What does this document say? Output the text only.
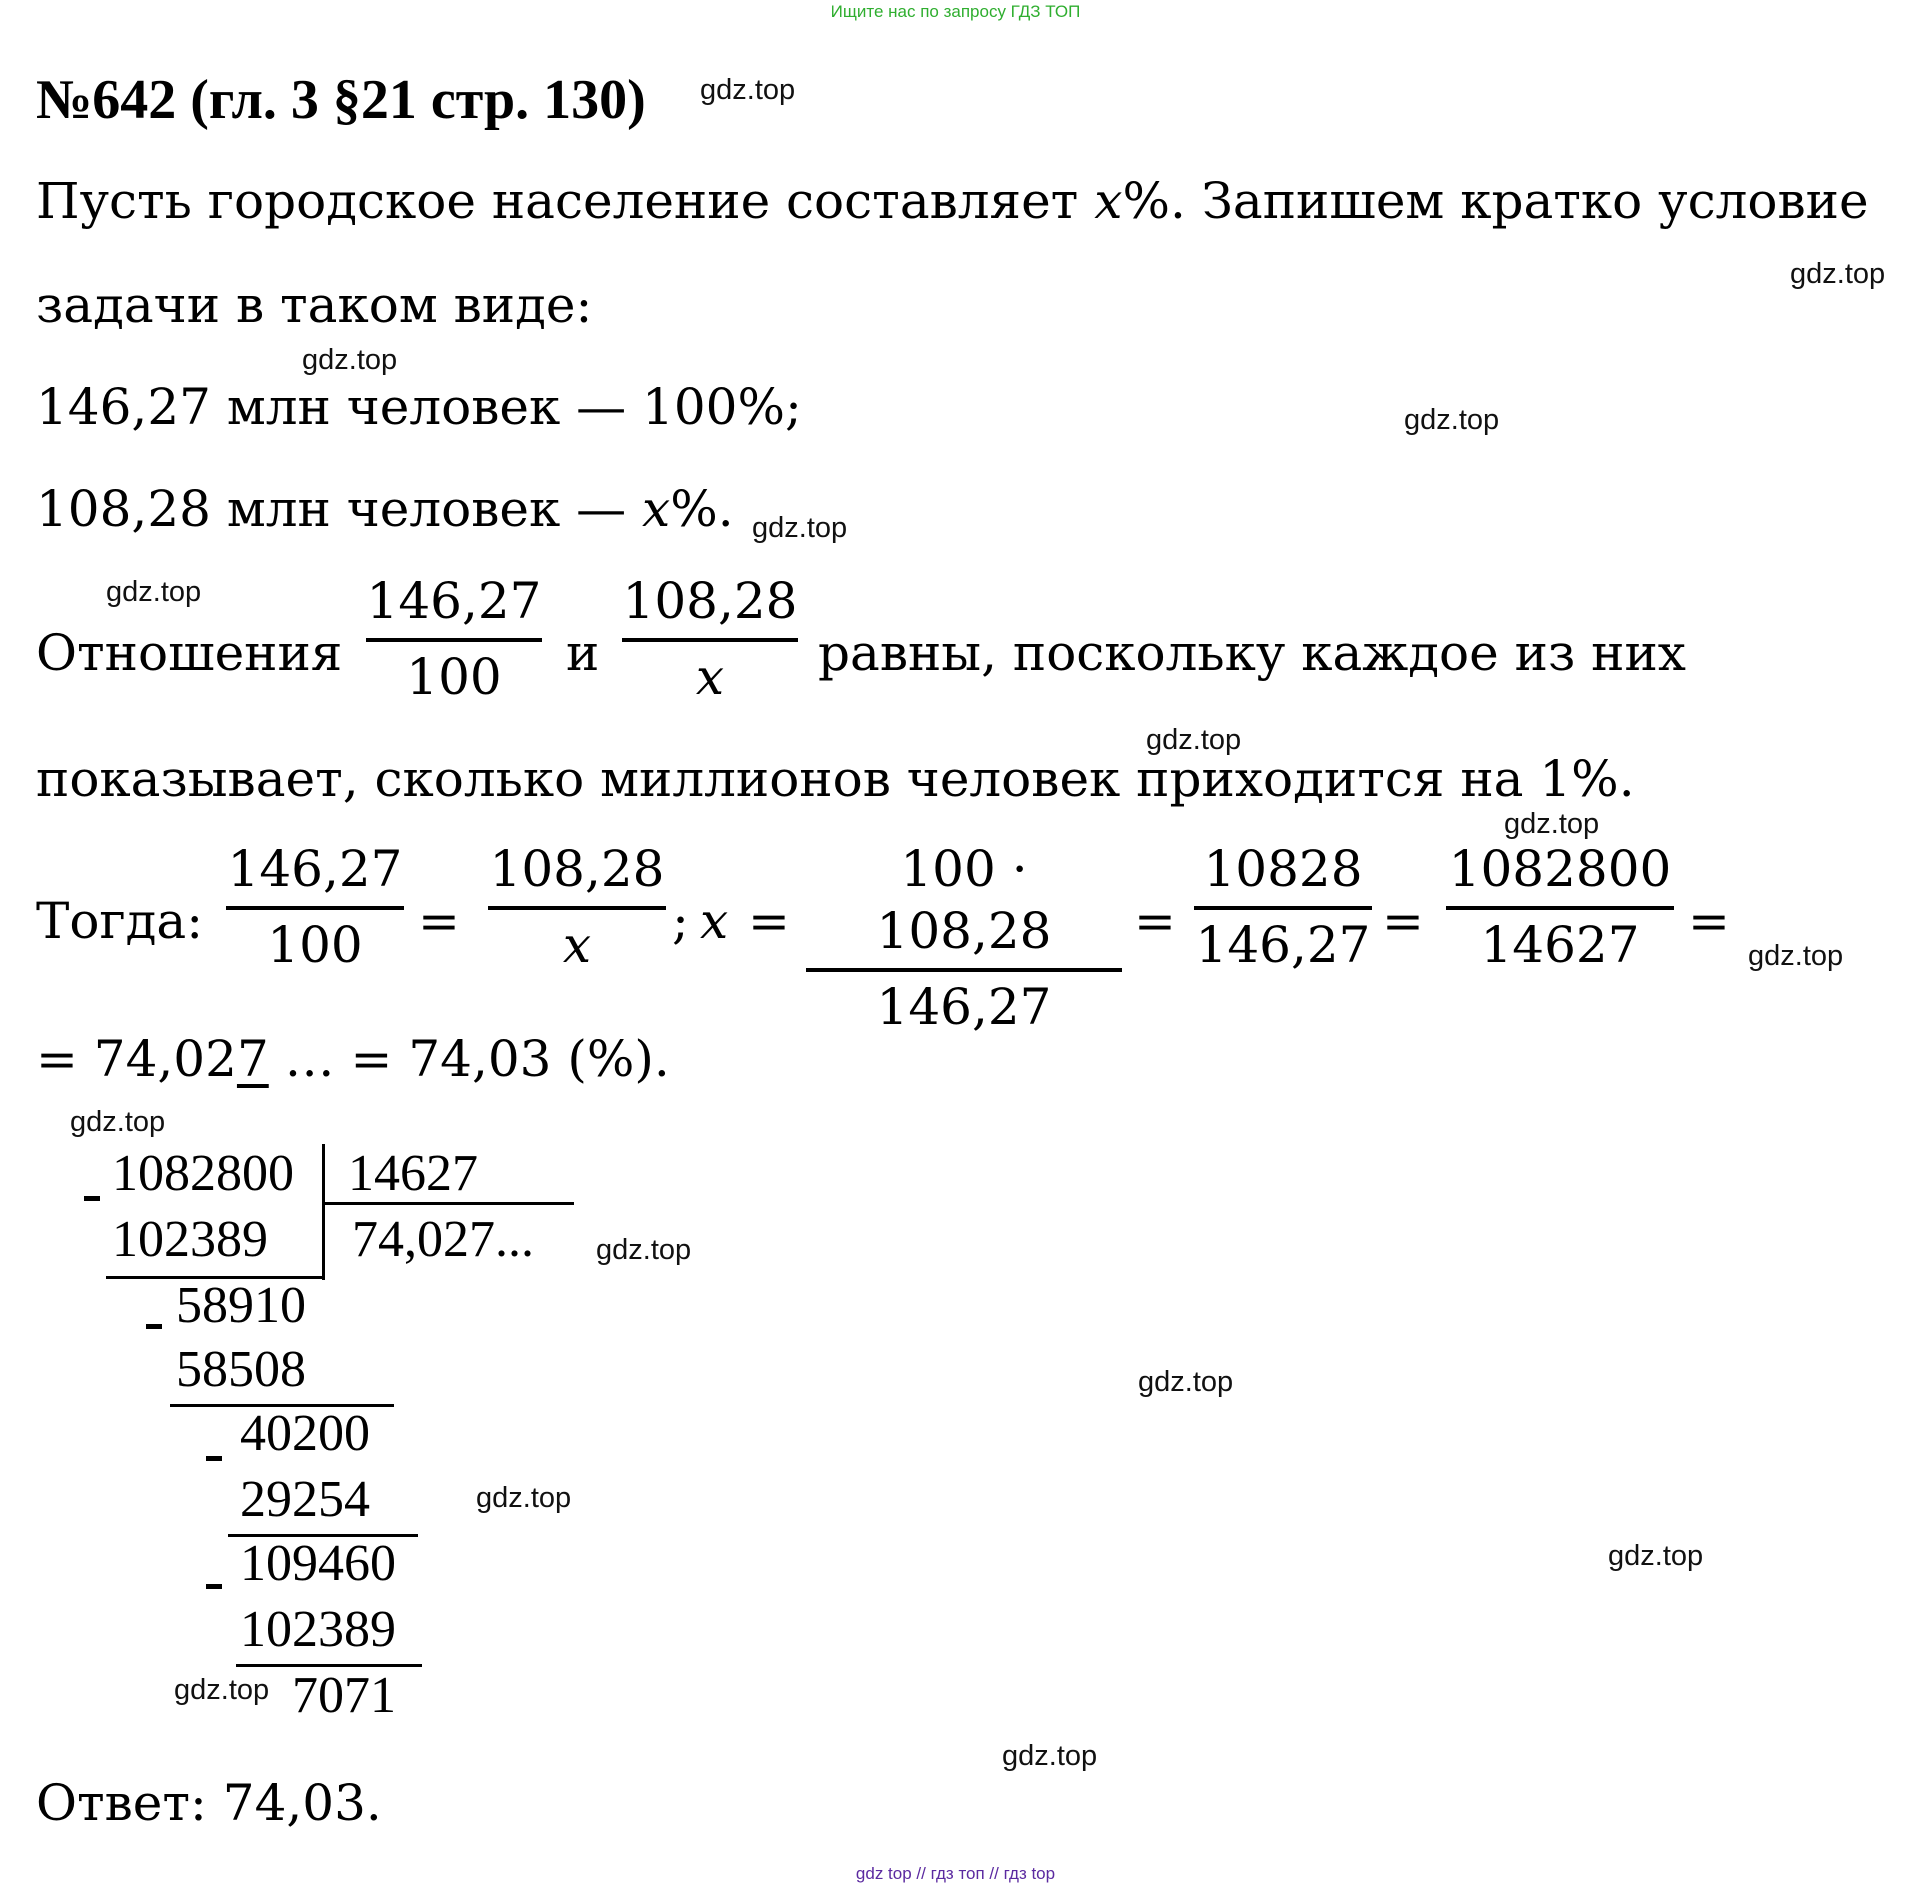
Ищите нас по запросу ГДЗ ТОП
№642 (гл. 3 §21 стр. 130) gdz.top
Пусть городское население составляет x%. Запишем кратко условие
gdz.top
задачи в таком виде:
gdz.top
146,27 млн человек — 100%;	gdz.top
108,28 млн человек — x%. gdz.top
gdz.top
Отношения
146,27
100	и
108,28
x	равны, поскольку каждое из них
gdz.top
показывает, сколько миллионов человек приходится на 1%.
gdz.top
Тогда:
146,27
100	=
108,28
x	; x =
100 · 108,28
146,27
=
10828
146,27 =
1082800
14627 =
gdz.top
= 74,027 … = 74,03 (%).
gdz.top
1082800 14627
74,027...
102389
58910
58508
40200
29254
109460
102389
7071
gdz.top
gdz.top
gdz.top
gdz.top
gdz.top
gdz.top
Ответ: 74,03.
gdz top // гдз топ // гдз top
